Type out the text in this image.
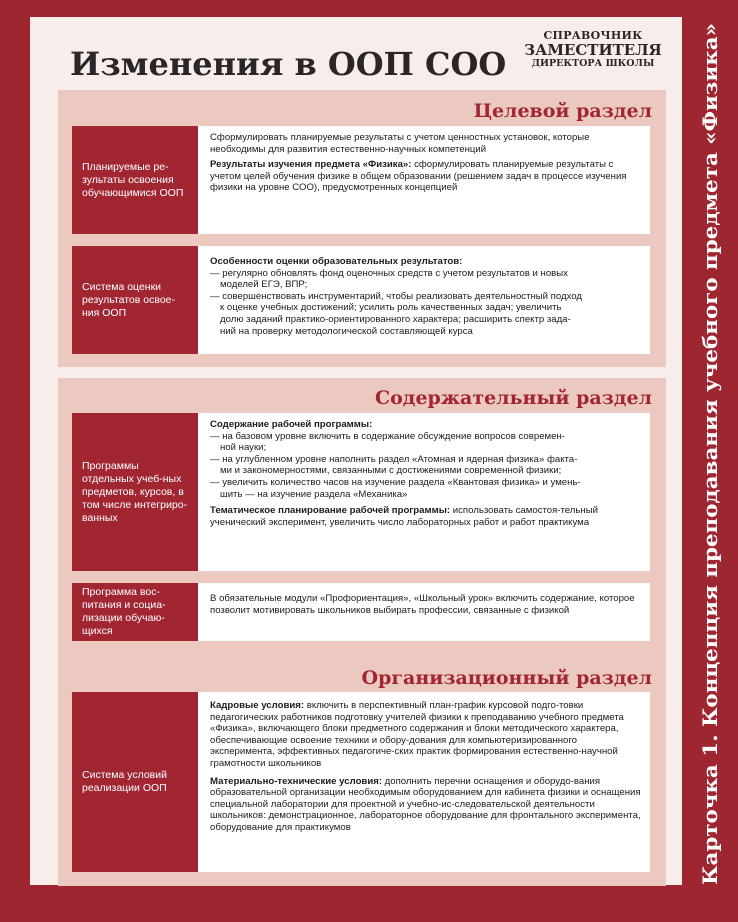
Карточка 1. Концепция преподавания учебного предмета «Физика»
Изменения в ООП СОО
СПРАВОЧНИК
ЗАМЕСТИТЕЛЯ
ДИРЕКТОРА ШКОЛЫ
Целевой раздел
Планируемые ре-зультаты освоения обучающимися ООП

Сформулировать планируемые результаты с учетом ценностных установок, которые необходимы для развития естественно-научных компетенций

Результаты изучения предмета «Физика»: сформулировать планируемые результаты с учетом целей обучения физике в общем образовании (решением задач в процессе изучения физики на уровне СОО), предусмотренных концепцией

Система оценки результатов освое-ния ООП
Особенности оценки образовательных результатов:
— регулярно обновлять фонд оценочных средств с учетом результатов и новых
моделей ЕГЭ, ВПР;
— совершенствовать инструментарий, чтобы реализовать деятельностный подход
к оценке учебных достижений; усилить роль качественных задач; увеличить
долю заданий практико-ориентированного характера; расширить спектр зада-
ний на проверку методологической составляющей курса
Содержательный раздел
Программы отдельных учеб-ных предметов, курсов, в том числе интегриро-ванных
Содержание рабочей программы:
— на базовом уровне включить в содержание обсуждение вопросов современ-
ной науки;
— на углубленном уровне наполнить раздел «Атомная и ядерная физика» факта-
ми и закономерностями, связанными с достижениями современной физики;
— увеличить количество часов на изучение раздела «Квантовая физика» и умень-
шить — на изучение раздела «Механика»

Тематическое планирование рабочей программы: использовать самостоя-тельный ученический эксперимент, увеличить число лабораторных работ и работ практикума

Программа вос-питания и социа-лизации обучаю-щихся

В обязательные модули «Профориентация», «Школьный урок» включить содержание, которое позволит мотивировать школьников выбирать профессии, связанные с физикой

Организационный раздел
Система условий реализации ООП

Кадровые условия: включить в перспективный план-график курсовой подго-товки педагогических работников подготовку учителей физики к преподаванию учебного предмета «Физика», включающего блоки предметного содержания и блоки методического характера, обеспечивающие освоение техники и обору-дования для компьютеризированного эксперимента, эффективных педагогиче-ских практик формирования естественно-научной грамотности школьников

Материально-технические условия: дополнить перечни оснащения и оборудо-вания образовательной организации необходимым оборудованием для кабинета физики и оснащения специальной лаборатории для проектной и учебно-ис-следовательской деятельности школьников: демонстрационное, лабораторное оборудование для фронтального эксперимента, оборудование для практикумов
